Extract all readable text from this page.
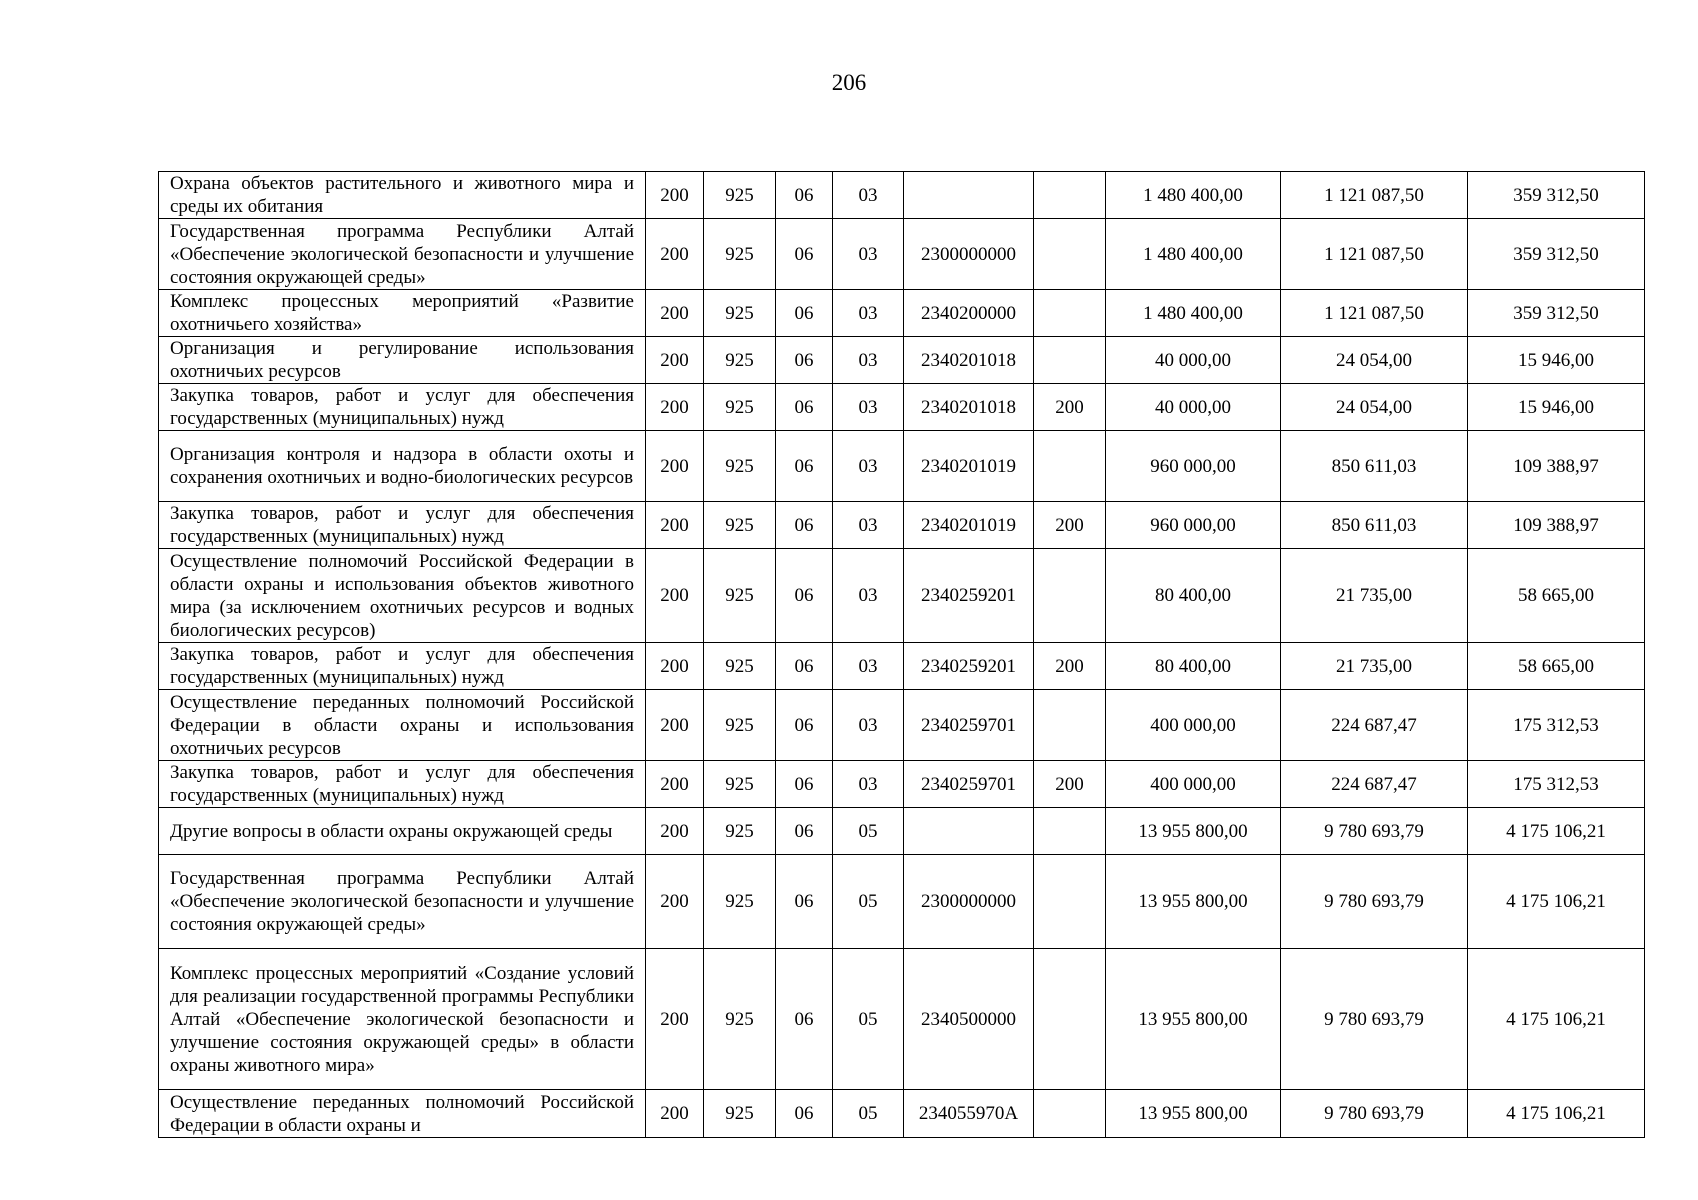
206
Охрана объектов растительного и животного мира и среды их обитания	200	925	06	03			1 480 400,00	1 121 087,50	359 312,50
Государственная программа Республики Алтай «Обеспечение экологической безопасности и улучшение состояния окружающей среды»	200	925	06	03	2300000000		1 480 400,00	1 121 087,50	359 312,50
Комплекс процессных мероприятий «Развитие охотничьего хозяйства»	200	925	06	03	2340200000		1 480 400,00	1 121 087,50	359 312,50
Организация и регулирование использования охотничьих ресурсов	200	925	06	03	2340201018		40 000,00	24 054,00	15 946,00
Закупка товаров, работ и услуг для обеспечения государственных (муниципальных) нужд	200	925	06	03	2340201018	200	40 000,00	24 054,00	15 946,00
Организация контроля и надзора в области охоты и сохранения охотничьих и водно-биологических ресурсов	200	925	06	03	2340201019		960 000,00	850 611,03	109 388,97
Закупка товаров, работ и услуг для обеспечения государственных (муниципальных) нужд	200	925	06	03	2340201019	200	960 000,00	850 611,03	109 388,97
Осуществление полномочий Российской Федерации в области охраны и использования объектов животного мира (за исключением охотничьих ресурсов и водных биологических ресурсов)	200	925	06	03	2340259201		80 400,00	21 735,00	58 665,00
Закупка товаров, работ и услуг для обеспечения государственных (муниципальных) нужд	200	925	06	03	2340259201	200	80 400,00	21 735,00	58 665,00
Осуществление переданных полномочий Российской Федерации в области охраны и использования охотничьих ресурсов	200	925	06	03	2340259701		400 000,00	224 687,47	175 312,53
Закупка товаров, работ и услуг для обеспечения государственных (муниципальных) нужд	200	925	06	03	2340259701	200	400 000,00	224 687,47	175 312,53
Другие вопросы в области охраны окружающей среды	200	925	06	05			13 955 800,00	9 780 693,79	4 175 106,21
Государственная программа Республики Алтай «Обеспечение экологической безопасности и улучшение состояния окружающей среды»	200	925	06	05	2300000000		13 955 800,00	9 780 693,79	4 175 106,21
Комплекс процессных мероприятий «Создание условий для реализации государственной программы Республики Алтай «Обеспечение экологической безопасности и улучшение состояния окружающей среды» в области охраны животного мира»	200	925	06	05	2340500000		13 955 800,00	9 780 693,79	4 175 106,21
Осуществление переданных полномочий Российской Федерации в области охраны и	200	925	06	05	234055970А		13 955 800,00	9 780 693,79	4 175 106,21
